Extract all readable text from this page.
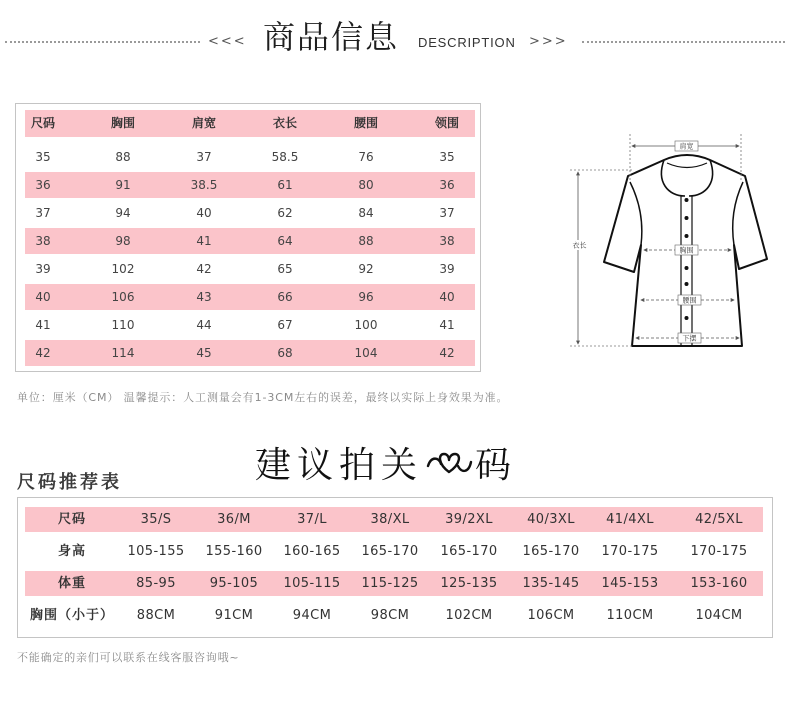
<<< 商品信息 DESCRIPTION >>>
尺码	胸围	肩宽	衣长	腰围	领围
35	88	37	58.5	76	35
36	91	38.5	61	80	36
37	94	40	62	84	37
38	98	41	64	88	38
39	102	42	65	92	39
40	106	43	66	96	40
41	110	44	67	100	41
42	114	45	68	104	42
肩宽
衣长
胸围
腰围
下摆
单位：厘米（CM） 温馨提示：人工测量会有1-3CM左右的误差，最终以实际上身效果为准。
建议拍关 码
尺码推荐表
尺码	35/S	36/M	37/L	38/XL	39/2XL	40/3XL	41/4XL	42/5XL
身高	105-155	155-160	160-165	165-170	165-170	165-170	170-175	170-175
体重	85-95	95-105	105-115	115-125	125-135	135-145	145-153	153-160
胸围（小于）	88CM	91CM	94CM	98CM	102CM	106CM	110CM	104CM
不能确定的亲们可以联系在线客服咨询哦~
